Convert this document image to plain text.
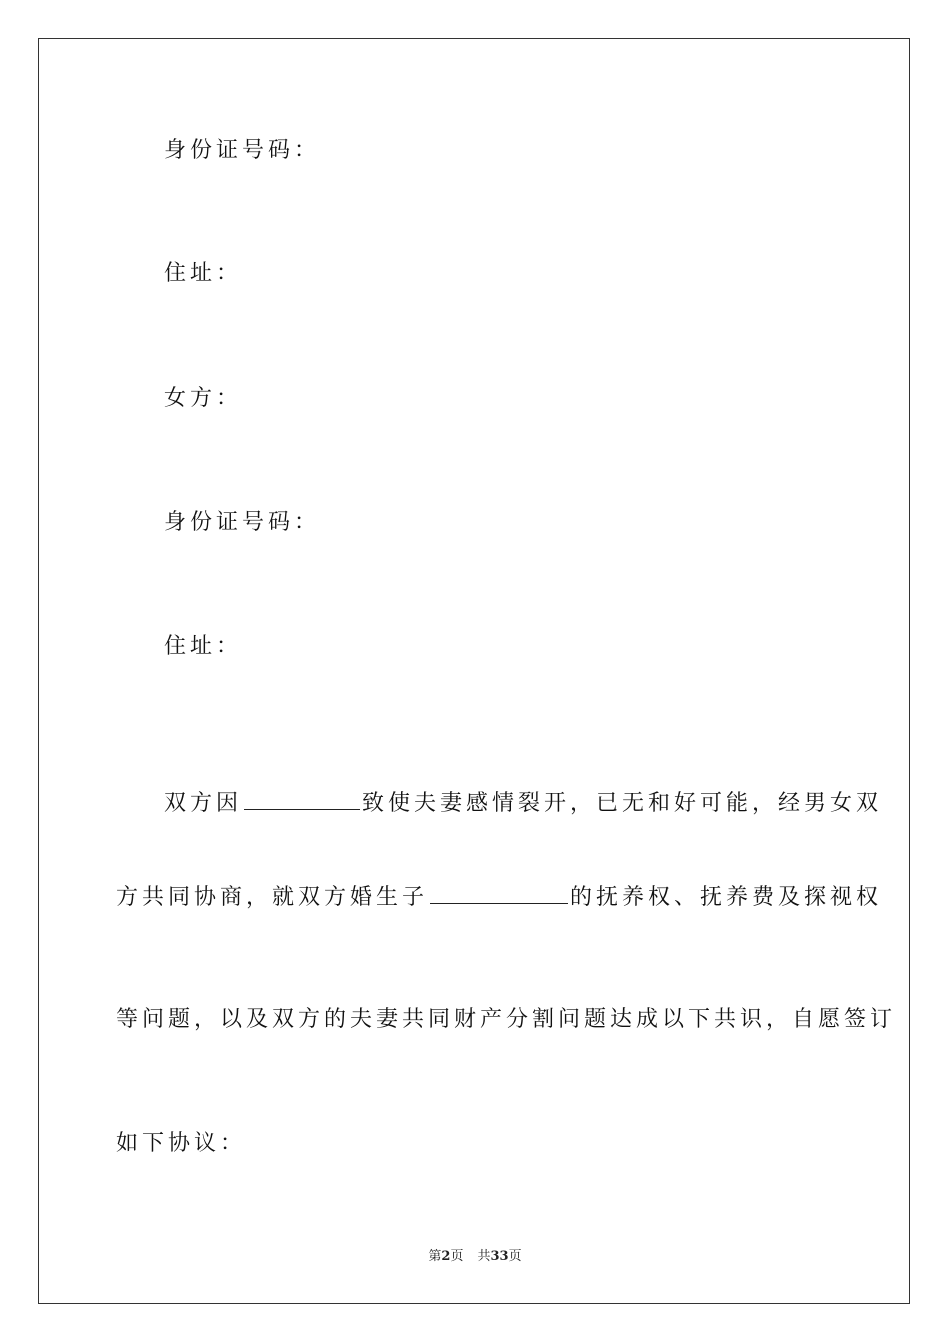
身份证号码：
住址：
女方：
身份证号码：
住址：
双方因	致使夫妻感情裂开，已无和好可能，经男女双
方共同协商，就双方婚生子	的抚养权、抚养费及探视权
等问题，以及双方的夫妻共同财产分割问题达成以下共识，自愿签订
如下协议：
第2页 共33页
